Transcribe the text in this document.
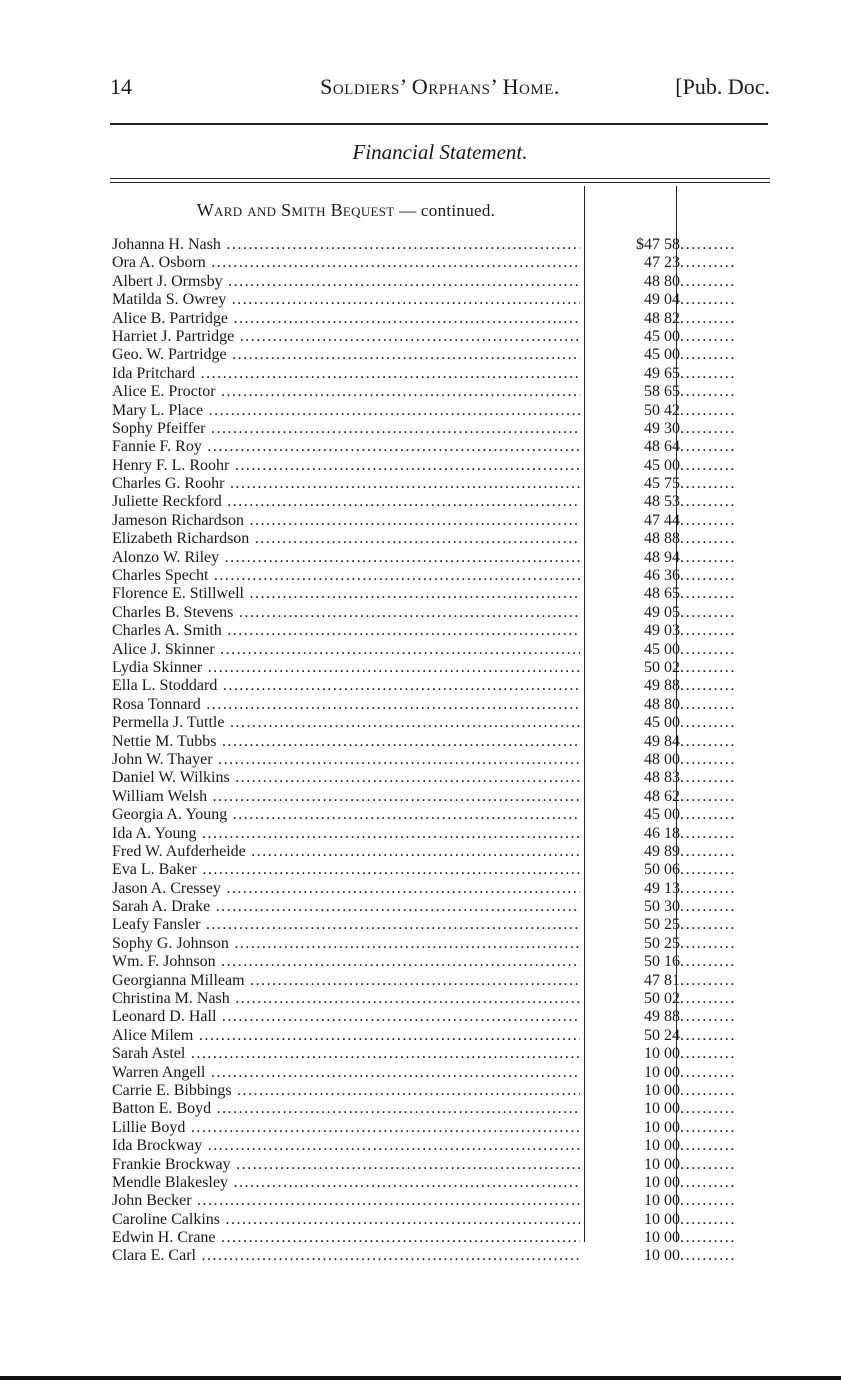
14	Soldiers’ Orphans’ Home.	[Pub. Doc.
Financial Statement.
Ward and Smith Bequest — continued.
Johanna H. Nash .....	$47 58 ..........
Ora A. Osborn .....	47 23 ..........
Albert J. Ormsby .....	48 80 ..........
Matilda S. Owrey .....	49 04 ..........
Alice B. Partridge .....	48 82 ..........
Harriet J. Partridge .....	45 00 ..........
Geo. W. Partridge .....	45 00 ..........
Ida Pritchard .....	49 65 ..........
Alice E. Proctor .....	58 65 ..........
Mary L. Place .....	50 42 ..........
Sophy Pfeiffer .....	49 30 ..........
Fannie F. Roy .....	48 64 ..........
Henry F. L. Roohr .....	45 00 ..........
Charles G. Roohr .....	45 75 ..........
Juliette Reckford .....	48 53 ..........
Jameson Richardson .....	47 44 ..........
Elizabeth Richardson .....	48 88 ..........
Alonzo W. Riley .....	48 94 ..........
Charles Specht .....	46 36 ..........
Florence E. Stillwell .....	48 65 ..........
Charles B. Stevens .....	49 05 ..........
Charles A. Smith .....	49 03 ..........
Alice J. Skinner .....	45 00 ..........
Lydia Skinner .....	50 02 ..........
Ella L. Stoddard .....	49 88 ..........
Rosa Tonnard .....	48 80 ..........
Permella J. Tuttle .....	45 00 ..........
Nettie M. Tubbs .....	49 84 ..........
John W. Thayer .....	48 00 ..........
Daniel W. Wilkins .....	48 83 ..........
William Welsh .....	48 62 ..........
Georgia A. Young .....	45 00 ..........
Ida A. Young .....	46 18 ..........
Fred W. Aufderheide .....	49 89 ..........
Eva L. Baker .....	50 06 ..........
Jason A. Cressey .....	49 13 ..........
Sarah A. Drake .....	50 30 ..........
Leafy Fansler .....	50 25 ..........
Sophy G. Johnson .....	50 25 ..........
Wm. F. Johnson .....	50 16 ..........
Georgianna Milleam .....	47 81 ..........
Christina M. Nash .....	50 02 ..........
Leonard D. Hall .....	49 88 ..........
Alice Milem .....	50 24 ..........
Sarah Astel .....	10 00 ..........
Warren Angell .....	10 00 ..........
Carrie E. Bibbings .....	10 00 ..........
Batton E. Boyd .....	10 00 ..........
Lillie Boyd .....	10 00 ..........
Ida Brockway .....	10 00 ..........
Frankie Brockway .....	10 00 ..........
Mendle Blakesley .....	10 00 ..........
John Becker .....	10 00 ..........
Caroline Calkins .....	10 00 ..........
Edwin H. Crane .....	10 00 ..........
Clara E. Carl .....	10 00 ..........
